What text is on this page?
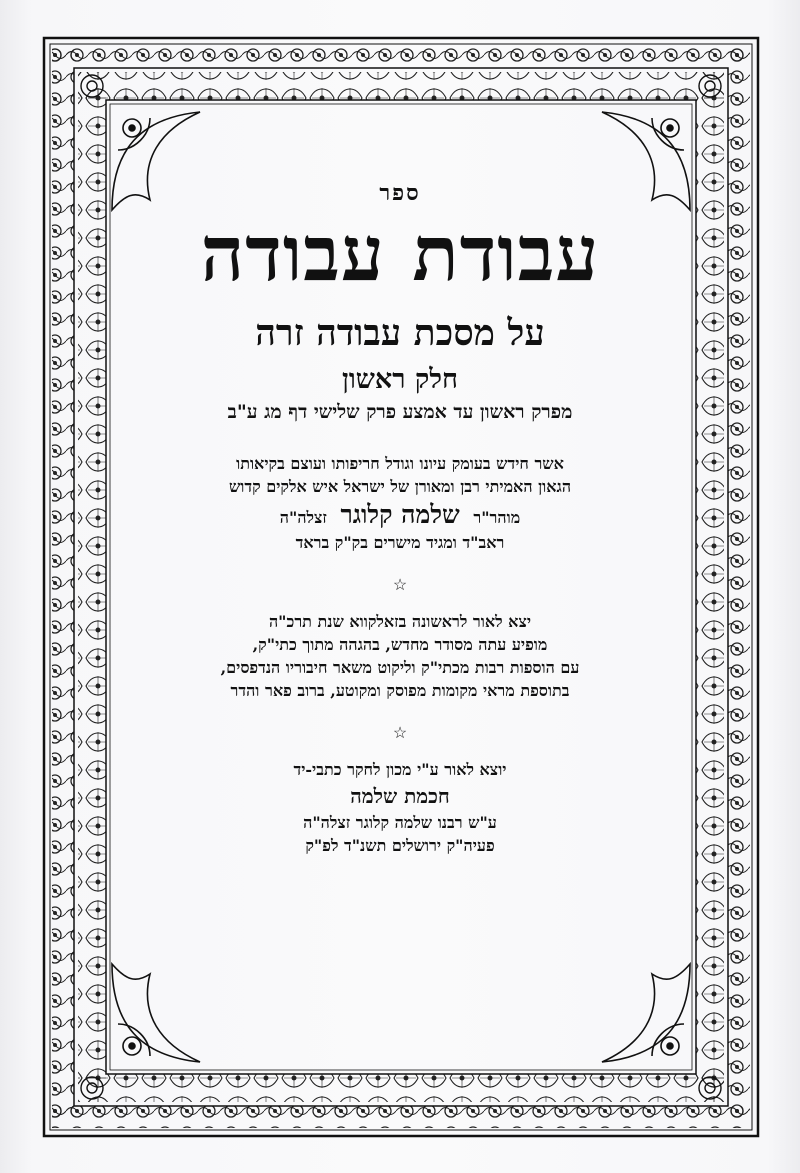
ספר
עבודת עבודה
על מסכת עבודה זרה
חלק ראשון
מפרק ראשון עד אמצע פרק שלישי דף מג ע"ב
אשר חידש בעומק עיונו וגודל חריפותו ועוצם בקיאותו
הגאון האמיתי רבן ומאורן של ישראל איש אלקים קדוש
מוהר"ר שלמה קלוגר זצלה"ה
ראב"ד ומגיד מישרים בק"ק בראד
☆
יצא לאור לראשונה בזאלקווא שנת תרכ"ה
מופיע עתה מסודר מחדש, בהגהה מתוך כתי"ק,
עם הוספות רבות מכתי"ק וליקוט משאר חיבוריו הנדפסים,
בתוספת מראי מקומות מפוסק ומקוטע, ברוב פאר והדר
☆
יוצא לאור ע"י מכון לחקר כתבי-יד
חכמת שלמה
ע"ש רבנו שלמה קלוגר זצלה"ה
פעיה"ק ירושלים תשנ"ד לפ"ק
